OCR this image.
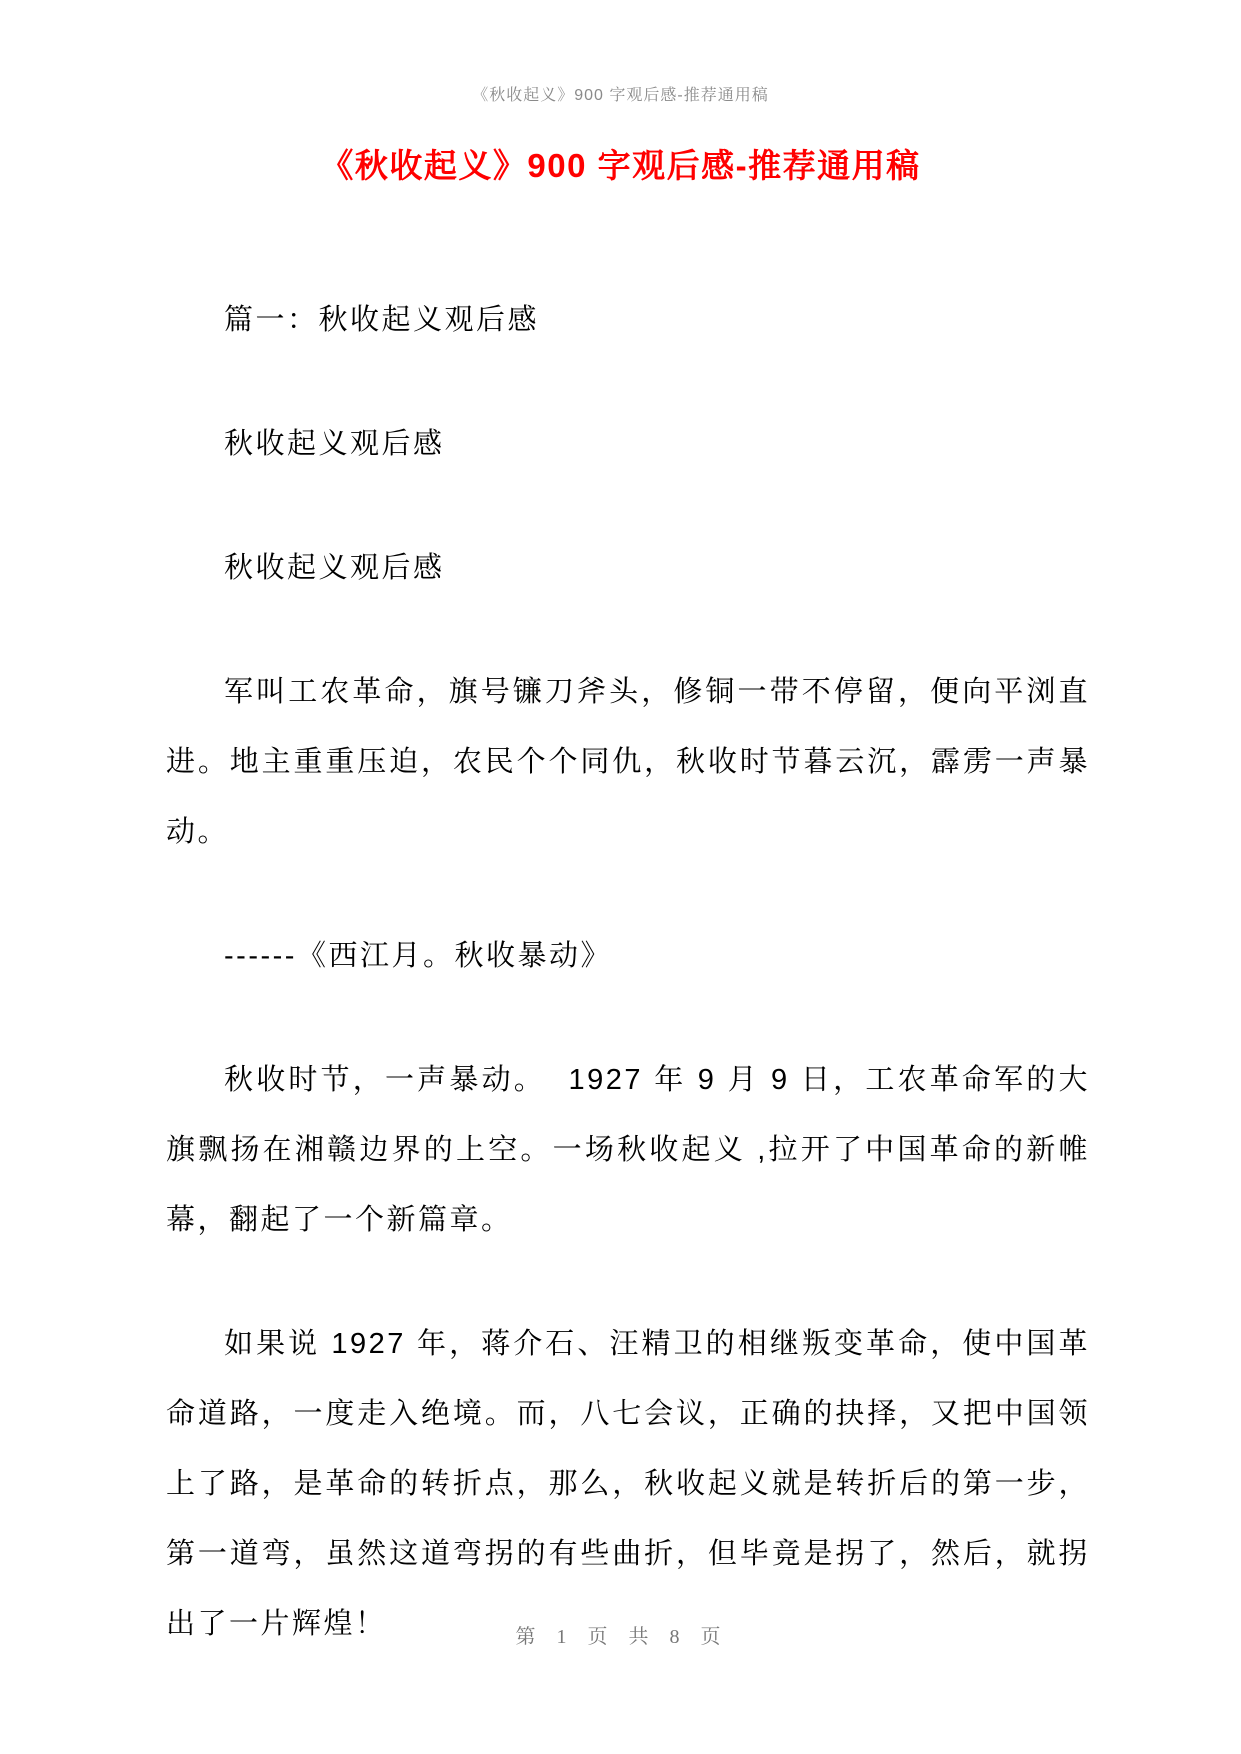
《秋收起义》900 字观后感-推荐通用稿
《秋收起义》900 字观后感-推荐通用稿

篇一：秋收起义观后感

秋收起义观后感

秋收起义观后感

军叫工农革命，旗号镰刀斧头，修铜一带不停留，便向平浏直进。地主重重压迫，农民个个同仇，秋收时节暮云沉，霹雳一声暴动。

------《西江月。秋收暴动》

秋收时节，一声暴动。  1927 年 9 月 9 日，工农革命军的大旗飘扬在湘赣边界的上空。一场秋收起义 ,拉开了中国革命的新帷幕，翻起了一个新篇章。

如果说 1927 年，蒋介石、汪精卫的相继叛变革命，使中国革命道路，一度走入绝境。而，八七会议，正确的抉择，又把中国领上了路，是革命的转折点，那么，秋收起义就是转折后的第一步，第一道弯，虽然这道弯拐的有些曲折，但毕竟是拐了，然后，就拐出了一片辉煌！	第 1 页 共 8 页
